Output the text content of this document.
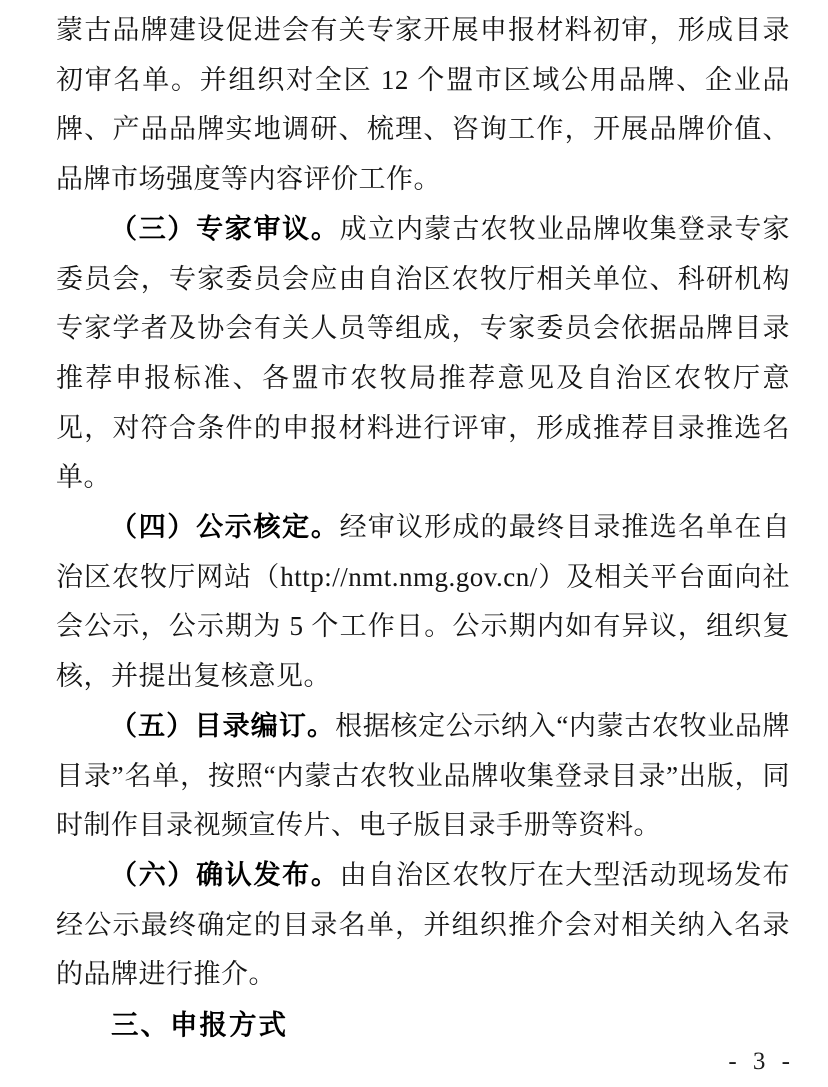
蒙古品牌建设促进会有关专家开展申报材料初审，形成目录初审名单。并组织对全区 12 个盟市区域公用品牌、企业品牌、产品品牌实地调研、梳理、咨询工作，开展品牌价值、品牌市场强度等内容评价工作。

（三）专家审议。成立内蒙古农牧业品牌收集登录专家委员会，专家委员会应由自治区农牧厅相关单位、科研机构专家学者及协会有关人员等组成，专家委员会依据品牌目录推荐申报标准、各盟市农牧局推荐意见及自治区农牧厅意见，对符合条件的申报材料进行评审，形成推荐目录推选名单。

（四）公示核定。经审议形成的最终目录推选名单在自治区农牧厅网站（http://nmt.nmg.gov.cn/）及相关平台面向社会公示，公示期为 5 个工作日。公示期内如有异议，组织复核，并提出复核意见。

（五）目录编订。根据核定公示纳入“内蒙古农牧业品牌目录”名单，按照“内蒙古农牧业品牌收集登录目录”出版，同时制作目录视频宣传片、电子版目录手册等资料。

（六）确认发布。由自治区农牧厅在大型活动现场发布经公示最终确定的目录名单，并组织推介会对相关纳入名录的品牌进行推介。

三、申报方式

- 3 -
